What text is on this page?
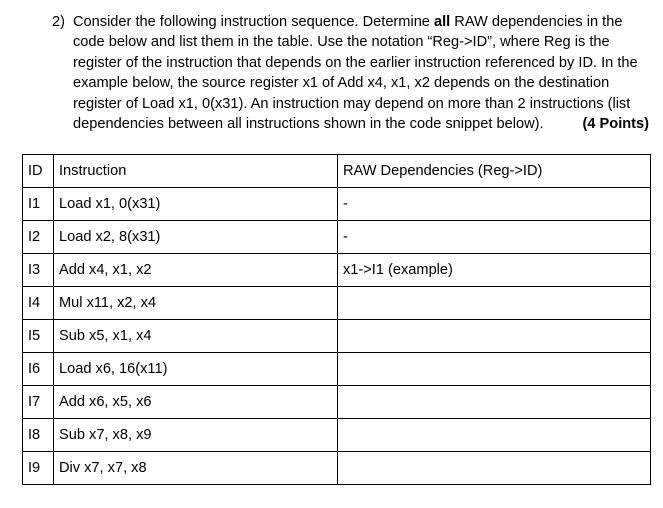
2) Consider the following instruction sequence. Determine all RAW dependencies in the code below and list them in the table. Use the notation “Reg->ID”, where Reg is the register of the instruction that depends on the earlier instruction referenced by ID. In the example below, the source register x1 of Add x4, x1, x2 depends on the destination register of Load x1, 0(x31). An instruction may depend on more than 2 instructions (list dependencies between all instructions shown in the code snippet below).	(4 Points)
ID	Instruction	RAW Dependencies (Reg->ID)
I1	Load x1, 0(x31)	-
I2	Load x2, 8(x31)	-
I3	Add x4, x1, x2	x1->I1 (example)
I4	Mul x11, x2, x4	
I5	Sub x5, x1, x4	
I6	Load x6, 16(x11)	
I7	Add x6, x5, x6	
I8	Sub x7, x8, x9	
I9	Div x7, x7, x8	
